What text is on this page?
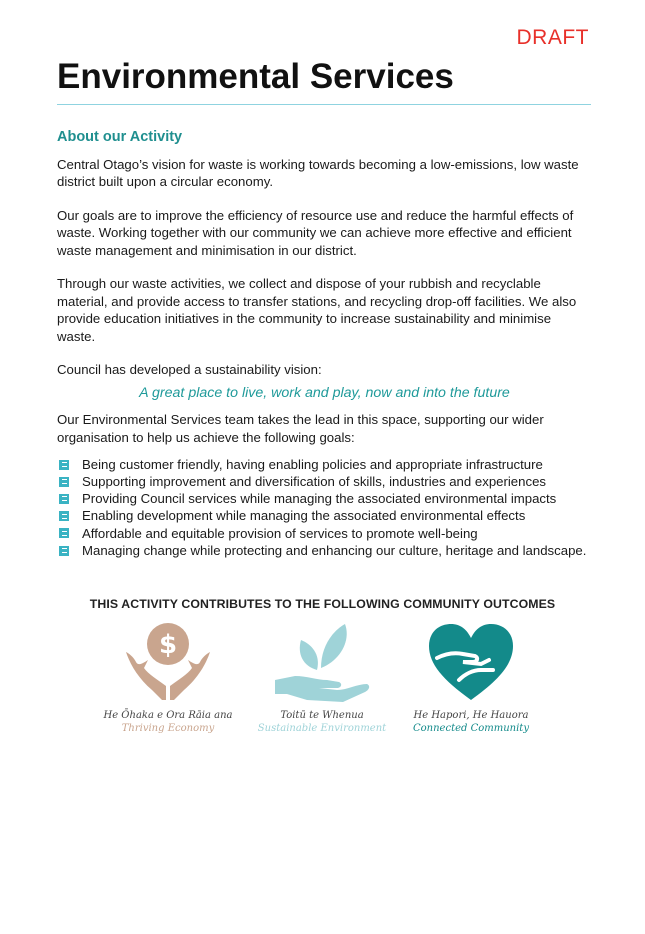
DRAFT
Environmental Services
About our Activity

Central Otago’s vision for waste is working towards becoming a low-emissions, low waste district built upon a circular economy.

Our goals are to improve the efficiency of resource use and reduce the harmful effects of waste. Working together with our community we can achieve more effective and efficient waste management and minimisation in our district.

Through our waste activities, we collect and dispose of your rubbish and recyclable material, and provide access to transfer stations, and recycling drop-off facilities. We also provide education initiatives in the community to increase sustainability and minimise waste.

Council has developed a sustainability vision:

A great place to live, work and play, now and into the future

Our Environmental Services team takes the lead in this space, supporting our wider organisation to help us achieve the following goals:

Being customer friendly, having enabling policies and appropriate infrastructure
Supporting improvement and diversification of skills, industries and experiences
Providing Council services while managing the associated environmental impacts
Enabling development while managing the associated environmental effects
Affordable and equitable provision of services to promote well-being
Managing change while protecting and enhancing our culture, heritage and landscape.
THIS ACTIVITY CONTRIBUTES TO THE FOLLOWING COMMUNITY OUTCOMES
$
He Ōhaka e Ora Rāia ana
Thriving Economy
Toitū te Whenua
Sustainable Environment
He Hapori, He Hauora
Connected Community
